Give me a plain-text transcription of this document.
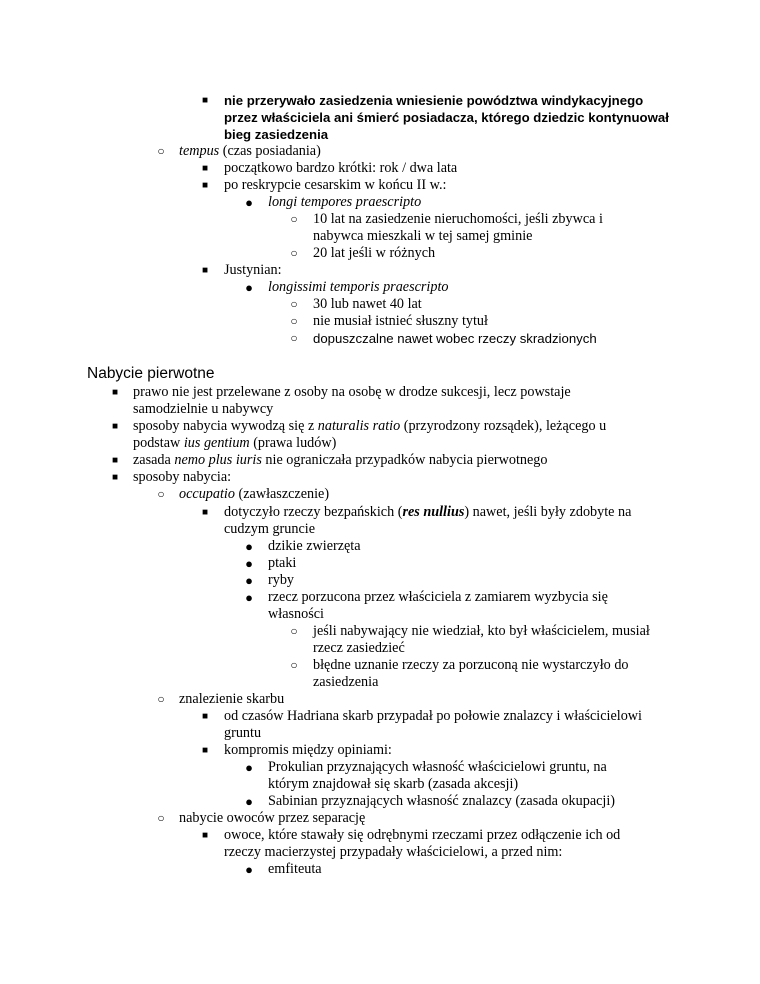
■	nie przerywało zasiedzenia wniesienie powództwa windykacyjnego
przez właściciela ani śmierć posiadacza, którego dziedzic kontynuował
bieg zasiedzenia
○	tempus (czas posiadania)
■	początkowo bardzo krótki: rok / dwa lata
■	po reskrypcie cesarskim w końcu II w.:
● longi tempores praescripto
○	10 lat na zasiedzenie nieruchomości, jeśli zbywca i
nabywca mieszkali w tej samej gminie
○	20 lat jeśli w różnych
■	Justynian:
● longissimi temporis praescripto
○	30 lub nawet 40 lat
○	nie musiał istnieć słuszny tytuł
○	dopuszczalne nawet wobec rzeczy skradzionych
Nabycie pierwotne
■	prawo nie jest przelewane z osoby na osobę w drodze sukcesji, lecz powstaje
samodzielnie u nabywcy
■	sposoby nabycia wywodzą się z naturalis ratio (przyrodzony rozsądek), leżącego u
podstaw ius gentium (prawa ludów)
■	zasada nemo plus iuris nie ograniczała przypadków nabycia pierwotnego
■	sposoby nabycia:
○	occupatio (zawłaszczenie)
■	dotyczyło rzeczy bezpańskich (res nullius) nawet, jeśli były zdobyte na
cudzym gruncie
● dzikie zwierzęta
● ptaki
● ryby
● rzecz porzucona przez właściciela z zamiarem wyzbycia się
własności
○	jeśli nabywający nie wiedział, kto był właścicielem, musiał
rzecz zasiedzieć
○	błędne uznanie rzeczy za porzuconą nie wystarczyło do
zasiedzenia
○	znalezienie skarbu
■	od czasów Hadriana skarb przypadał po połowie znalazcy i właścicielowi
gruntu
■	kompromis między opiniami:
● Prokulian przyznających własność właścicielowi gruntu, na
którym znajdował się skarb (zasada akcesji)
● Sabinian przyznających własność znalazcy (zasada okupacji)
○	nabycie owoców przez separację
■	owoce, które stawały się odrębnymi rzeczami przez odłączenie ich od
rzeczy macierzystej przypadały właścicielowi, a przed nim:
● emfiteuta
